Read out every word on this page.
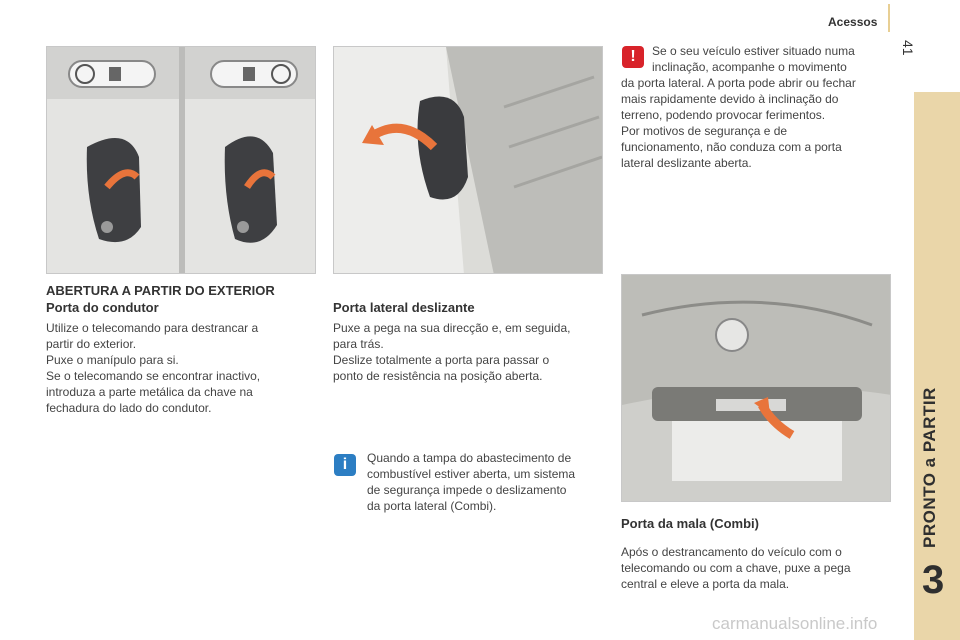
Acessos
41
PRONTO a PARTIR
3
ABERTURA A PARTIR DO EXTERIOR
Porta do condutor

Utilize o telecomando para destrancar a

partir do exterior.

Puxe o manípulo para si.

Se o telecomando se encontrar inactivo,

introduza a parte metálica da chave na

fechadura do lado do condutor.

Porta lateral deslizante

Puxe a pega na sua direcção e, em seguida,

para trás.

Deslize totalmente a porta para passar o

ponto de resistência na posição aberta.

i	Quando a tampa do abastecimento de

combustível estiver aberta, um sistema

de segurança impede o deslizamento

da porta lateral (Combi).

!	Se o seu veículo estiver situado numa

inclinação, acompanhe o movimento

da porta lateral. A porta pode abrir ou fechar

mais rapidamente devido à inclinação do

terreno, podendo provocar ferimentos.

Por motivos de segurança e de

funcionamento, não conduza com a porta

lateral deslizante aberta.

Porta da mala (Combi)

Após o destrancamento do veículo com o

telecomando ou com a chave, puxe a pega

central e eleve a porta da mala.

carmanualsonline.info
